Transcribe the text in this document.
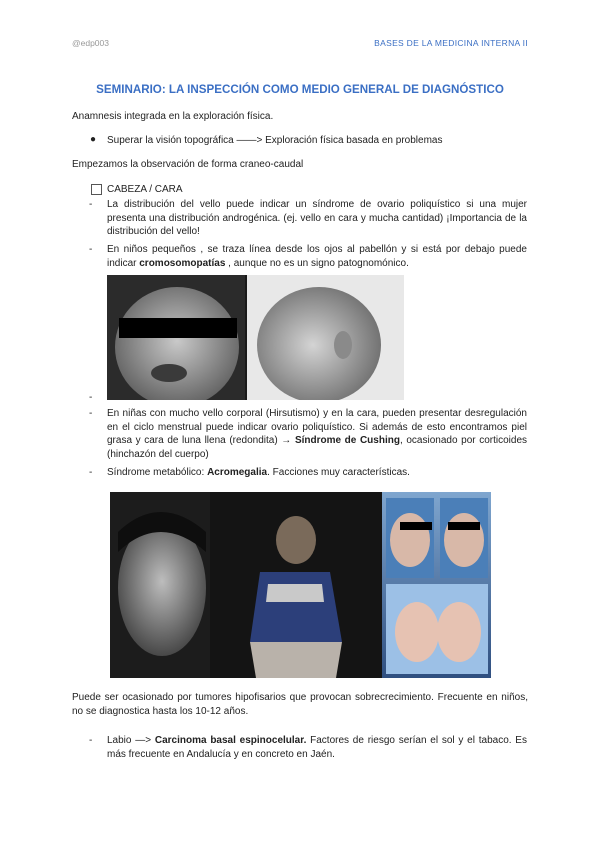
@edp003	BASES DE LA MEDICINA INTERNA II
SEMINARIO: LA INSPECCIÓN COMO MEDIO GENERAL DE DIAGNÓSTICO
Anamnesis integrada en la exploración física.
● Superar la visión topográfica ——> Exploración física basada en problemas
Empezamos la observación de forma craneo-caudal
CABEZA / CARA
- La distribución del vello puede indicar un síndrome de ovario poliquístico si una mujer presenta una distribución androgénica. (ej. vello en cara y mucha cantidad) ¡Importancia de la distribución del vello!
- En niños pequeños , se traza línea desde los ojos al pabellón y si está por debajo puede indicar cromosomopatías , aunque no es un signo patognomónico.
-
- En niñas con mucho vello corporal (Hirsutismo) y en la cara, pueden presentar desregulación en el ciclo menstrual puede indicar ovario poliquístico. Si además de esto encontramos piel grasa y cara de luna llena (redondita) → Síndrome de Cushing, ocasionado por corticoides (hinchazón del cuerpo)
- Síndrome metabólico: Acromegalia. Facciones muy características.
Puede ser ocasionado por tumores hipofisarios que provocan sobrecrecimiento. Frecuente en niños, no se diagnostica hasta los 10-12 años.
- Labio —> Carcinoma basal espinocelular. Factores de riesgo serían el sol y el tabaco. Es más frecuente en Andalucía y en concreto en Jaén.
